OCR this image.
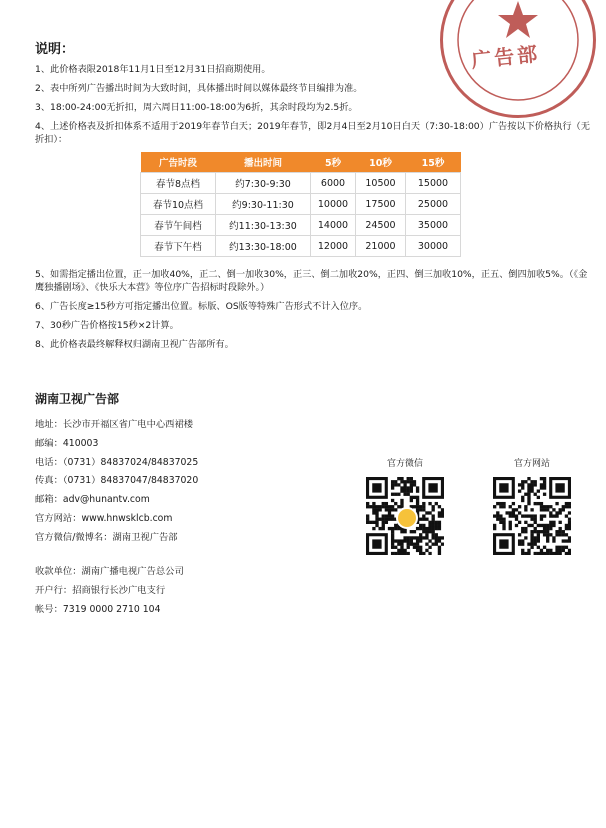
广告部
说明：
1、此价格表限2018年11月1日至12月31日招商期使用。
2、表中所列广告播出时间为大致时间，具体播出时间以媒体最终节目编排为准。
3、18:00-24:00无折扣，周六周日11:00-18:00为6折，其余时段均为2.5折。
4、上述价格表及折扣体系不适用于2019年春节白天；2019年春节，即2月4日至2月10日白天（7:30-18:00）广告按以下价格执行（无折扣）：
广告时段	播出时间	5秒	10秒	15秒
春节8点档	约7:30-9:30	6000	10500	15000
春节10点档	约9:30-11:30	10000	17500	25000
春节午间档	约11:30-13:30	14000	24500	35000
春节下午档	约13:30-18:00	12000	21000	30000
5、如需指定播出位置，正一加收40%，正二、倒一加收30%，正三、倒二加收20%，正四、倒三加收10%，正五、倒四加收5%。（《金鹰独播剧场》、《快乐大本营》等位序广告招标时段除外。）
6、广告长度≥15秒方可指定播出位置。标版、OS版等特殊广告形式不计入位序。
7、30秒广告价格按15秒×2计算。
8、此价格表最终解释权归湖南卫视广告部所有。
湖南卫视广告部
地址：长沙市开福区省广电中心西裙楼
邮编：410003
电话：（0731）84837024/84837025
传真：（0731）84837047/84837020
邮箱：adv@hunantv.com
官方网站：www.hnwsklcb.com
官方微信/微博名：湖南卫视广告部
收款单位：湖南广播电视广告总公司
开户行：招商银行长沙广电支行
帐号：7319 0000 2710 104
官方微信	官方网站
